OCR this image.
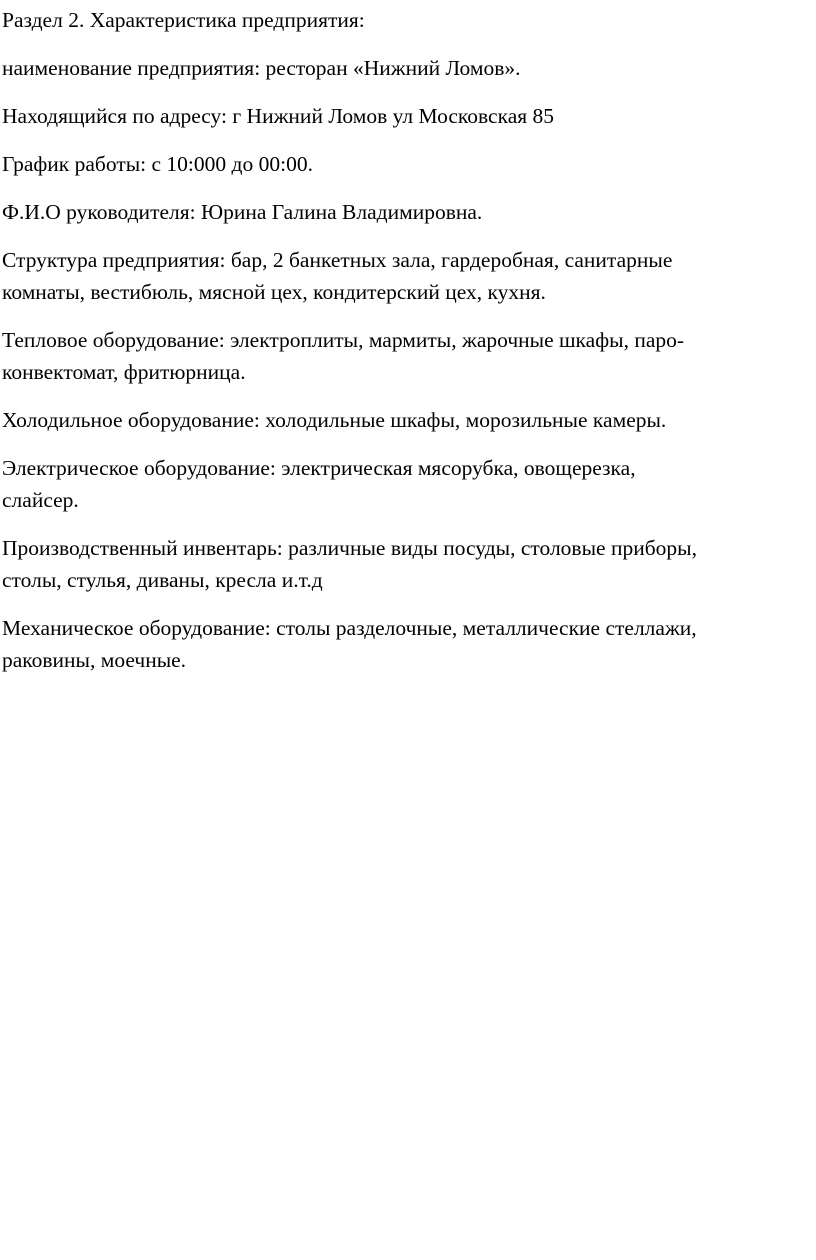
Раздел 2. Характеристика предприятия:

наименование предприятия: ресторан «Нижний Ломов».

Находящийся по адресу: г Нижний Ломов ул Московская 85

График работы: с 10:000 до 00:00.

Ф.И.О руководителя: Юрина Галина Владимировна.

Структура предприятия: бар, 2 банкетных зала, гардеробная, санитарные
комнаты, вестибюль, мясной цех, кондитерский цех, кухня.

Тепловое оборудование: электроплиты, мармиты, жарочные шкафы, паро-
конвектомат, фритюрница.

Холодильное оборудование: холодильные шкафы, морозильные камеры.

Электрическое оборудование: электрическая мясорубка, овощерезка,
слайсер.

Производственный инвентарь: различные виды посуды, столовые приборы,
столы, стулья, диваны, кресла и.т.д

Механическое оборудование: столы разделочные, металлические стеллажи,
раковины, моечные.
